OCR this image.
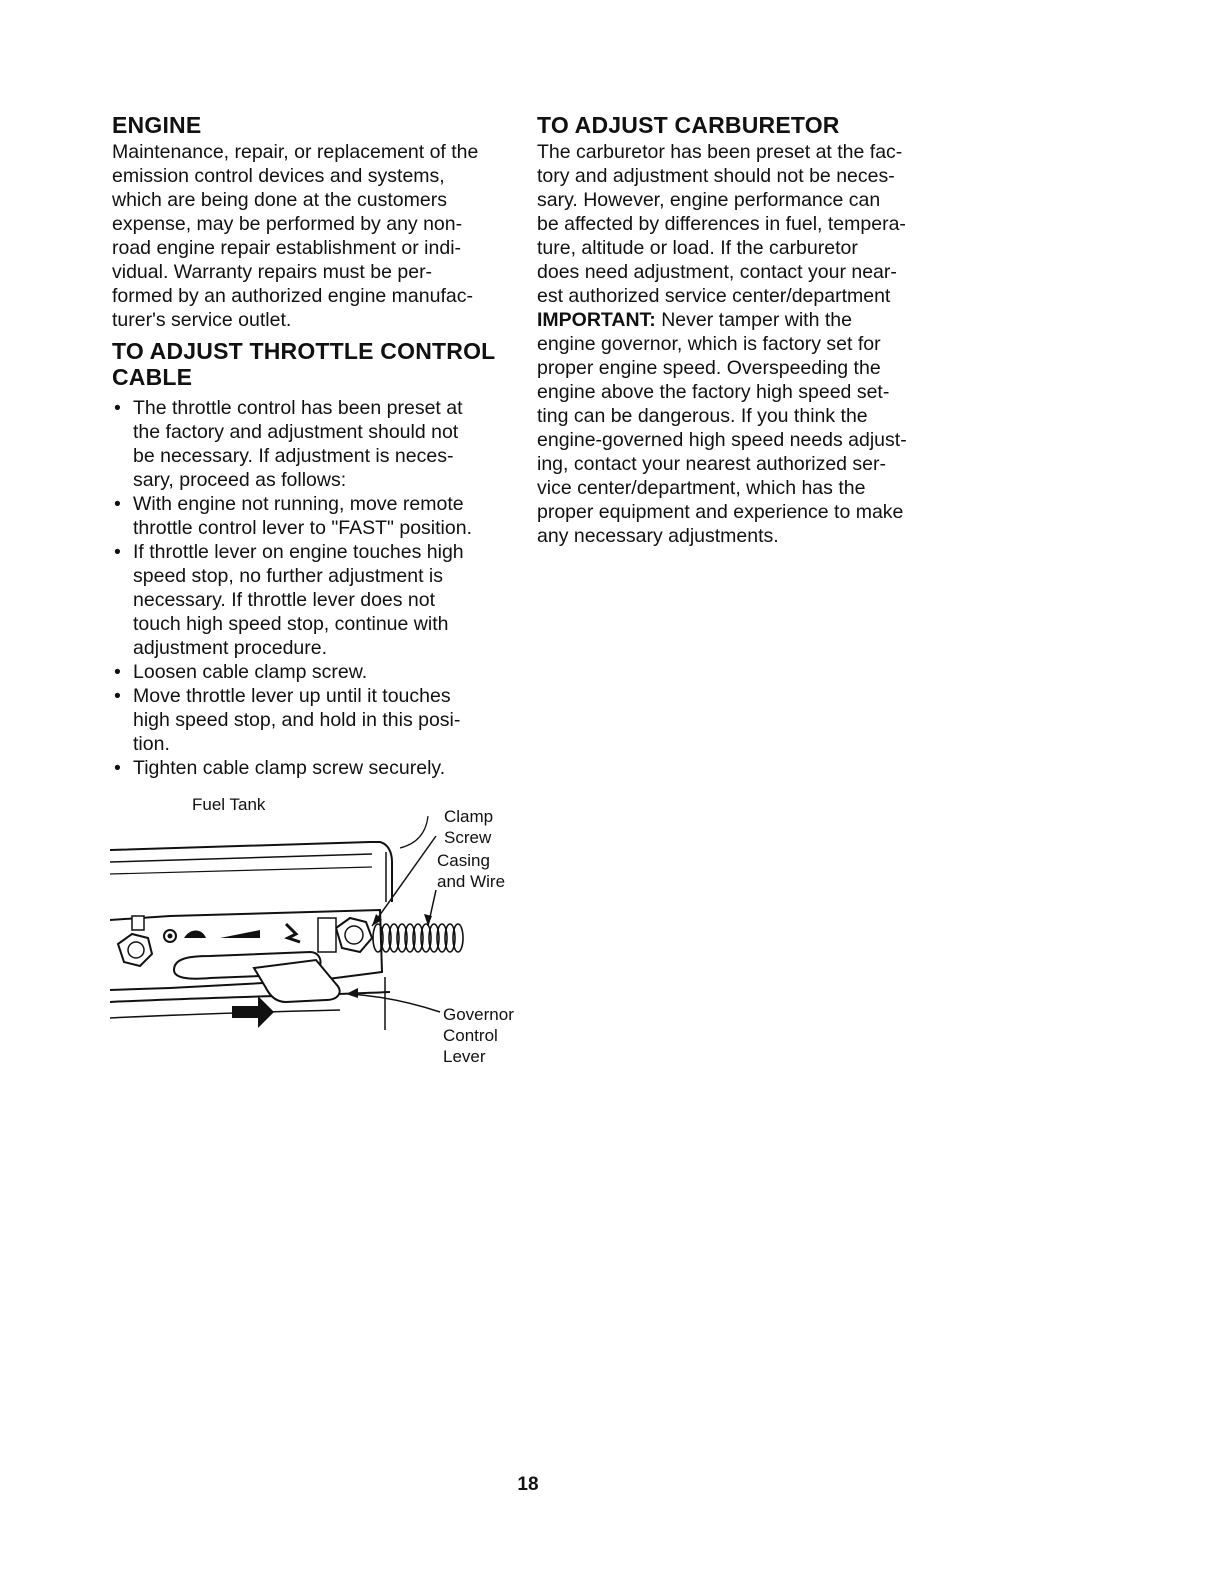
ENGINE

Maintenance, repair, or replacement of the
emission control devices and systems,
which are being done at the customers
expense, may be performed by any non-
road engine repair establishment or indi-
vidual. Warranty repairs must be per-
formed by an authorized engine manufac-
turer's service outlet.

TO ADJUST THROTTLE CONTROL
CABLE
• The throttle control has been preset at
the factory and adjustment should not
be necessary. If adjustment is neces-
sary, proceed as follows:
• With engine not running, move remote
throttle control lever to "FAST" position.
• If throttle lever on engine touches high
speed stop, no further adjustment is
necessary. If throttle lever does not
touch high speed stop, continue with
adjustment procedure.
• Loosen cable clamp screw.
• Move throttle lever up until it touches
high speed stop, and hold in this posi-
tion.
• Tighten cable clamp screw securely.
Fuel Tank
Clamp
Screw
Casing
and Wire
Governor
Control
Lever
TO ADJUST CARBURETOR

The carburetor has been preset at the fac-
tory and adjustment should not be neces-
sary. However, engine performance can
be affected by differences in fuel, tempera-
ture, altitude or load. If the carburetor
does need adjustment, contact your near-
est authorized service center/department

IMPORTANT: Never tamper with the
engine governor, which is factory set for
proper engine speed. Overspeeding the
engine above the factory high speed set-
ting can be dangerous. If you think the
engine-governed high speed needs adjust-
ing, contact your nearest authorized ser-
vice center/department, which has the
proper equipment and experience to make
any necessary adjustments.

18
